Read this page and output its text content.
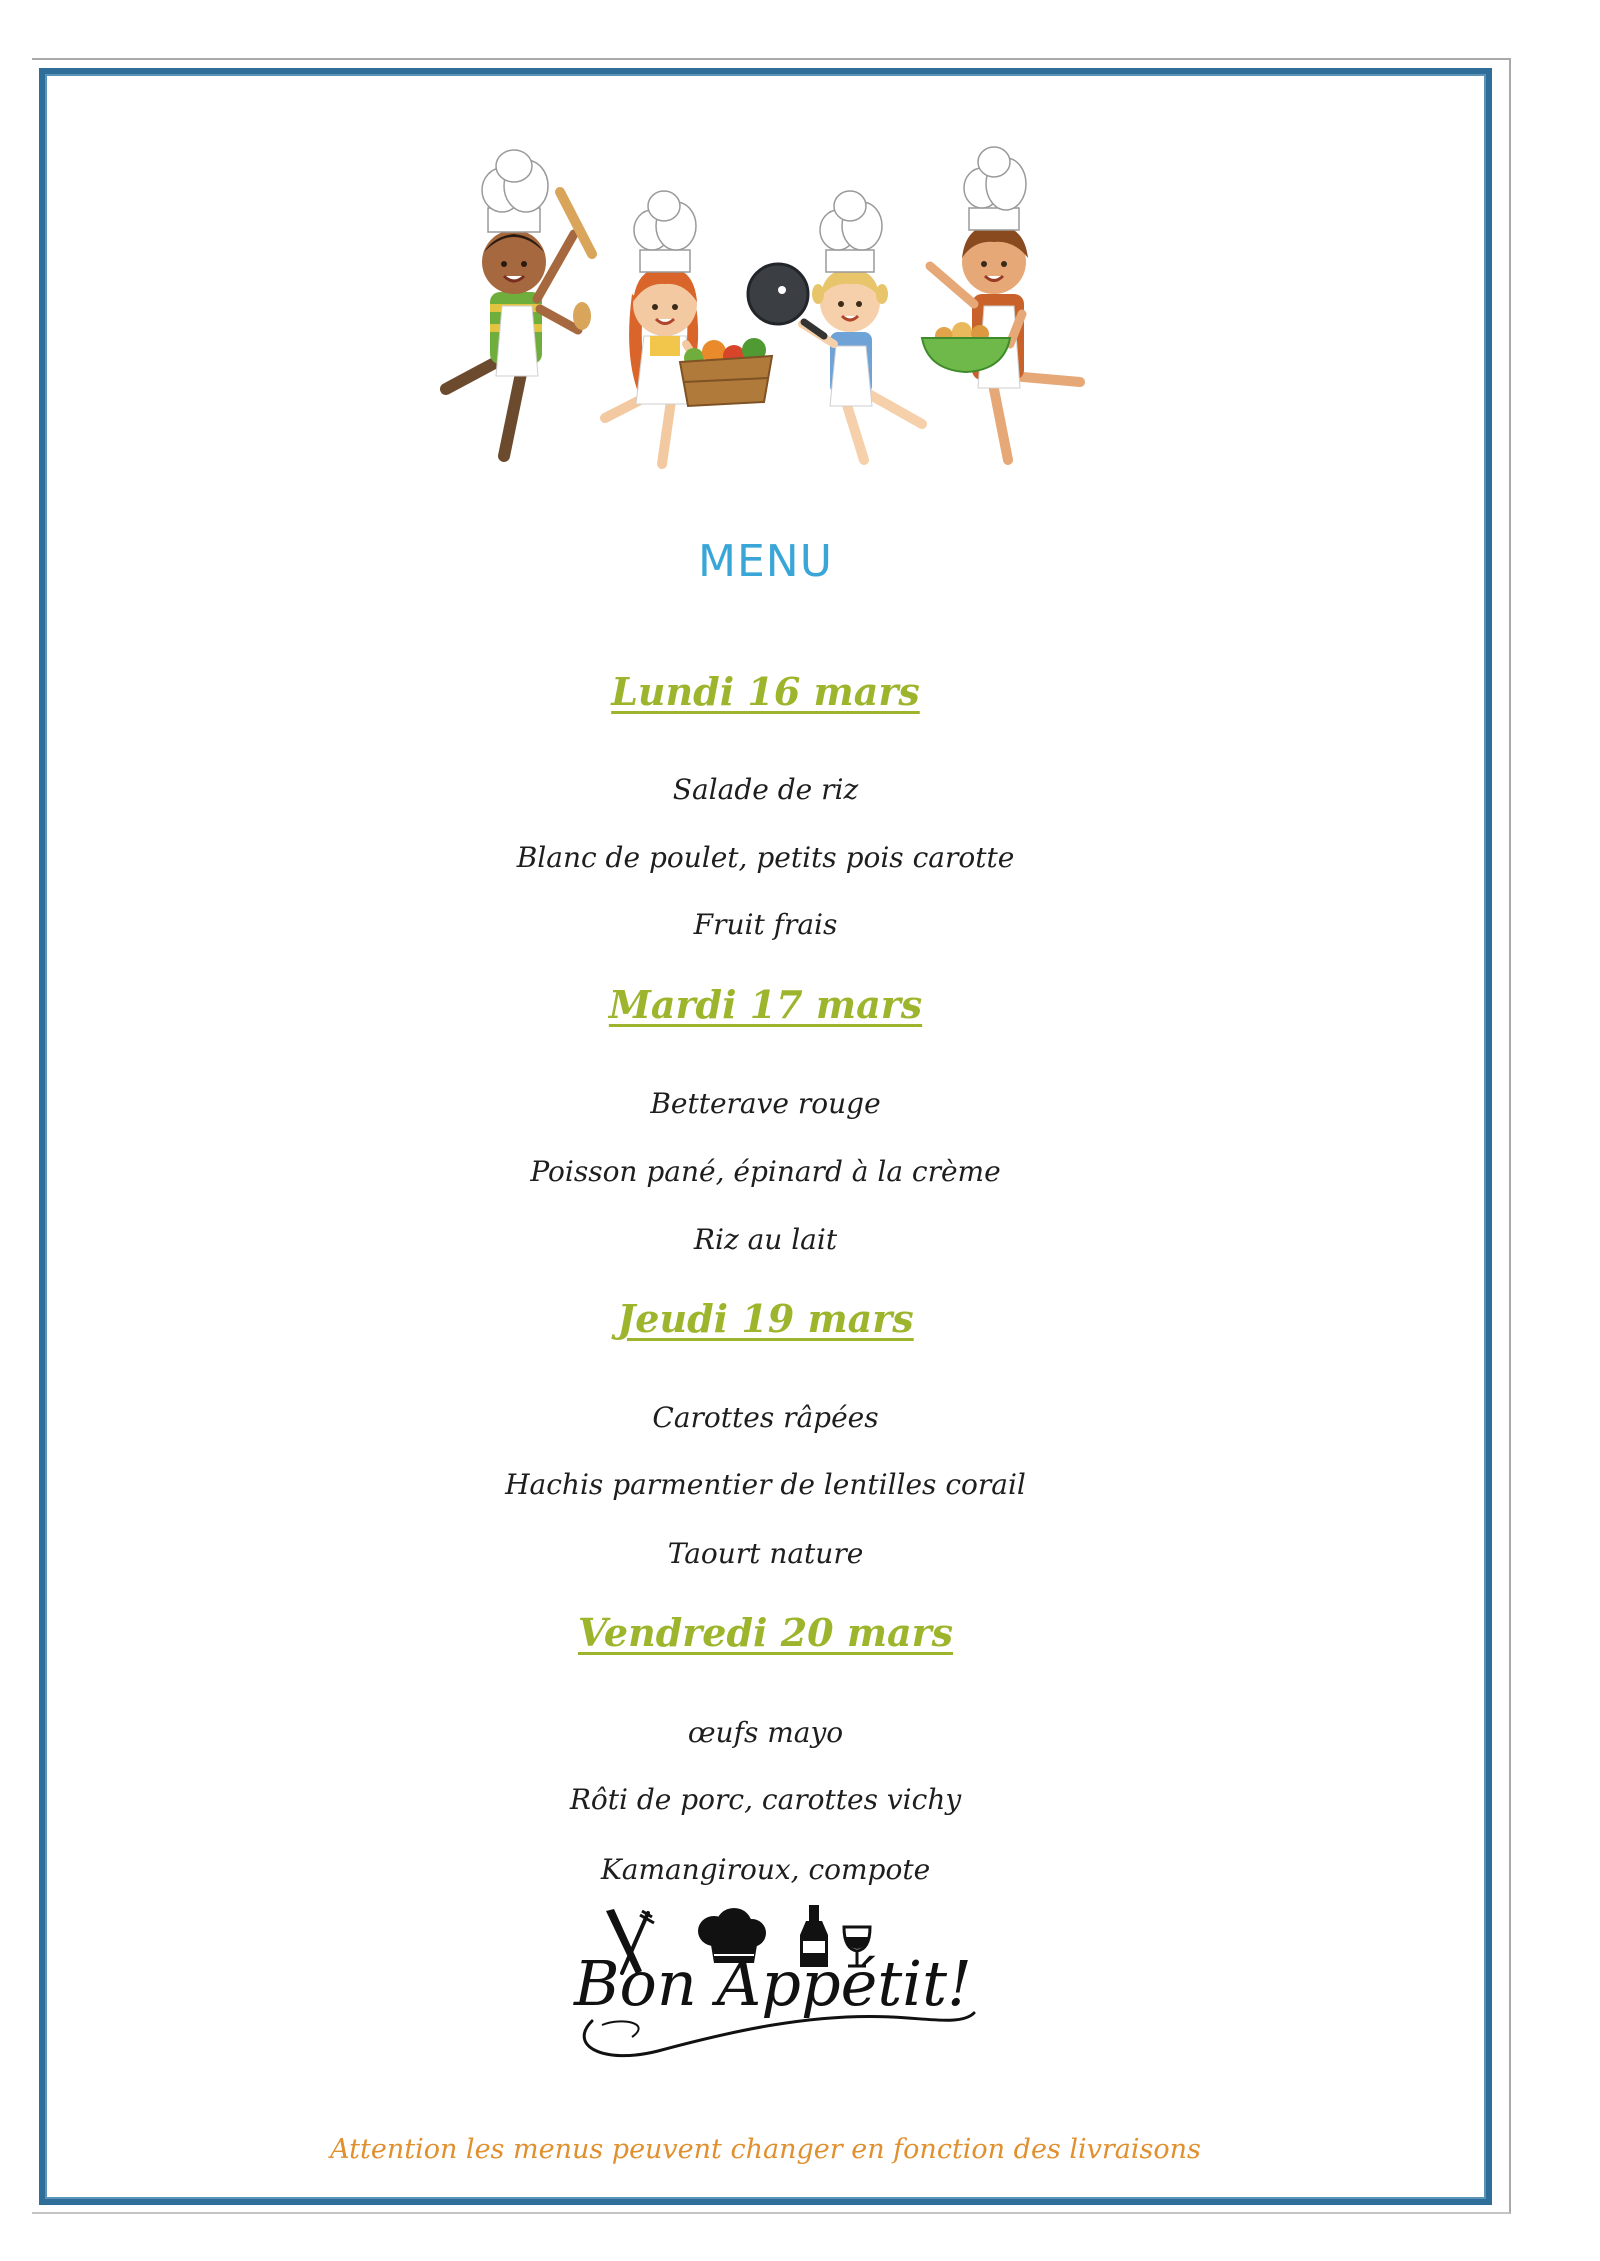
MENU
Lundi 16 mars
Salade de riz
Blanc de poulet, petits pois carotte
Fruit frais
Mardi 17 mars
Betterave rouge
Poisson pané, épinard à la crème
Riz au lait
Jeudi 19 mars
Carottes râpées
Hachis parmentier de lentilles corail
Taourt nature
Vendredi 20 mars
œufs mayo
Rôti de porc, carottes vichy
Kamangiroux, compote
Bon Appétit!
Attention les menus peuvent changer en fonction des livraisons
